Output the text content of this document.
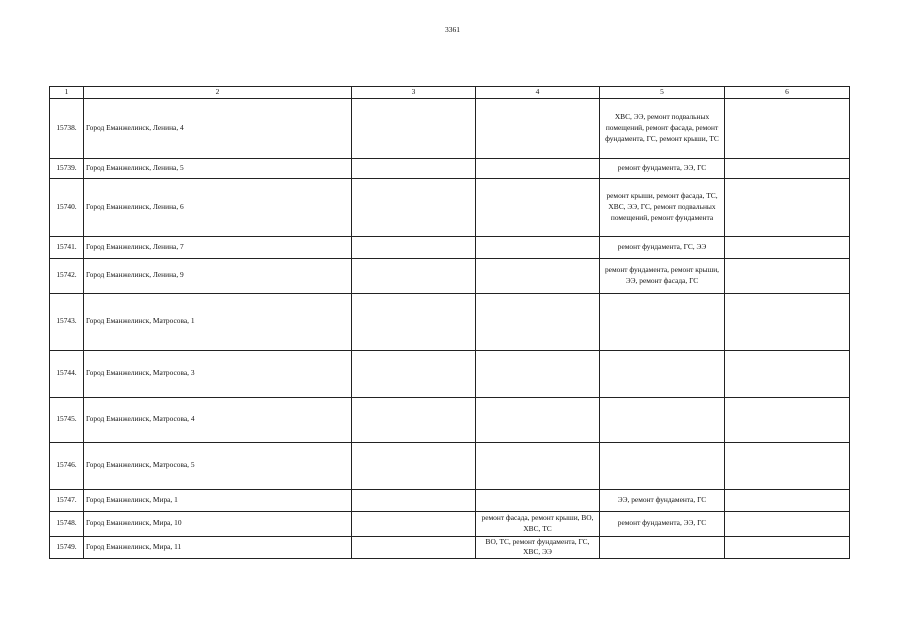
3361
1	2	3	4	5	6
15738.	Город Еманжелинск, Ленина, 4			ХВС, ЭЭ, ремонт подвальных помещений, ремонт фасада, ремонт фундамента, ГС, ремонт крыши, ТС	
15739.	Город Еманжелинск, Ленина, 5			ремонт фундамента, ЭЭ, ГС	
15740.	Город Еманжелинск, Ленина, 6			ремонт крыши, ремонт фасада, ТС, ХВС, ЭЭ, ГС, ремонт подвальных помещений, ремонт фундамента	
15741.	Город Еманжелинск, Ленина, 7			ремонт фундамента, ГС, ЭЭ	
15742.	Город Еманжелинск, Ленина, 9			ремонт фундамента, ремонт крыши, ЭЭ, ремонт фасада, ГС	
15743.	Город Еманжелинск, Матросова, 1				
15744.	Город Еманжелинск, Матросова, 3				
15745.	Город Еманжелинск, Матросова, 4				
15746.	Город Еманжелинск, Матросова, 5				
15747.	Город Еманжелинск, Мира, 1			ЭЭ, ремонт фундамента, ГС	
15748.	Город Еманжелинск, Мира, 10		ремонт фасада, ремонт крыши, ВО, ХВС, ТС	ремонт фундамента, ЭЭ, ГС	
15749.	Город Еманжелинск, Мира, 11		ВО, ТС, ремонт фундамента, ГС, ХВС, ЭЭ		
